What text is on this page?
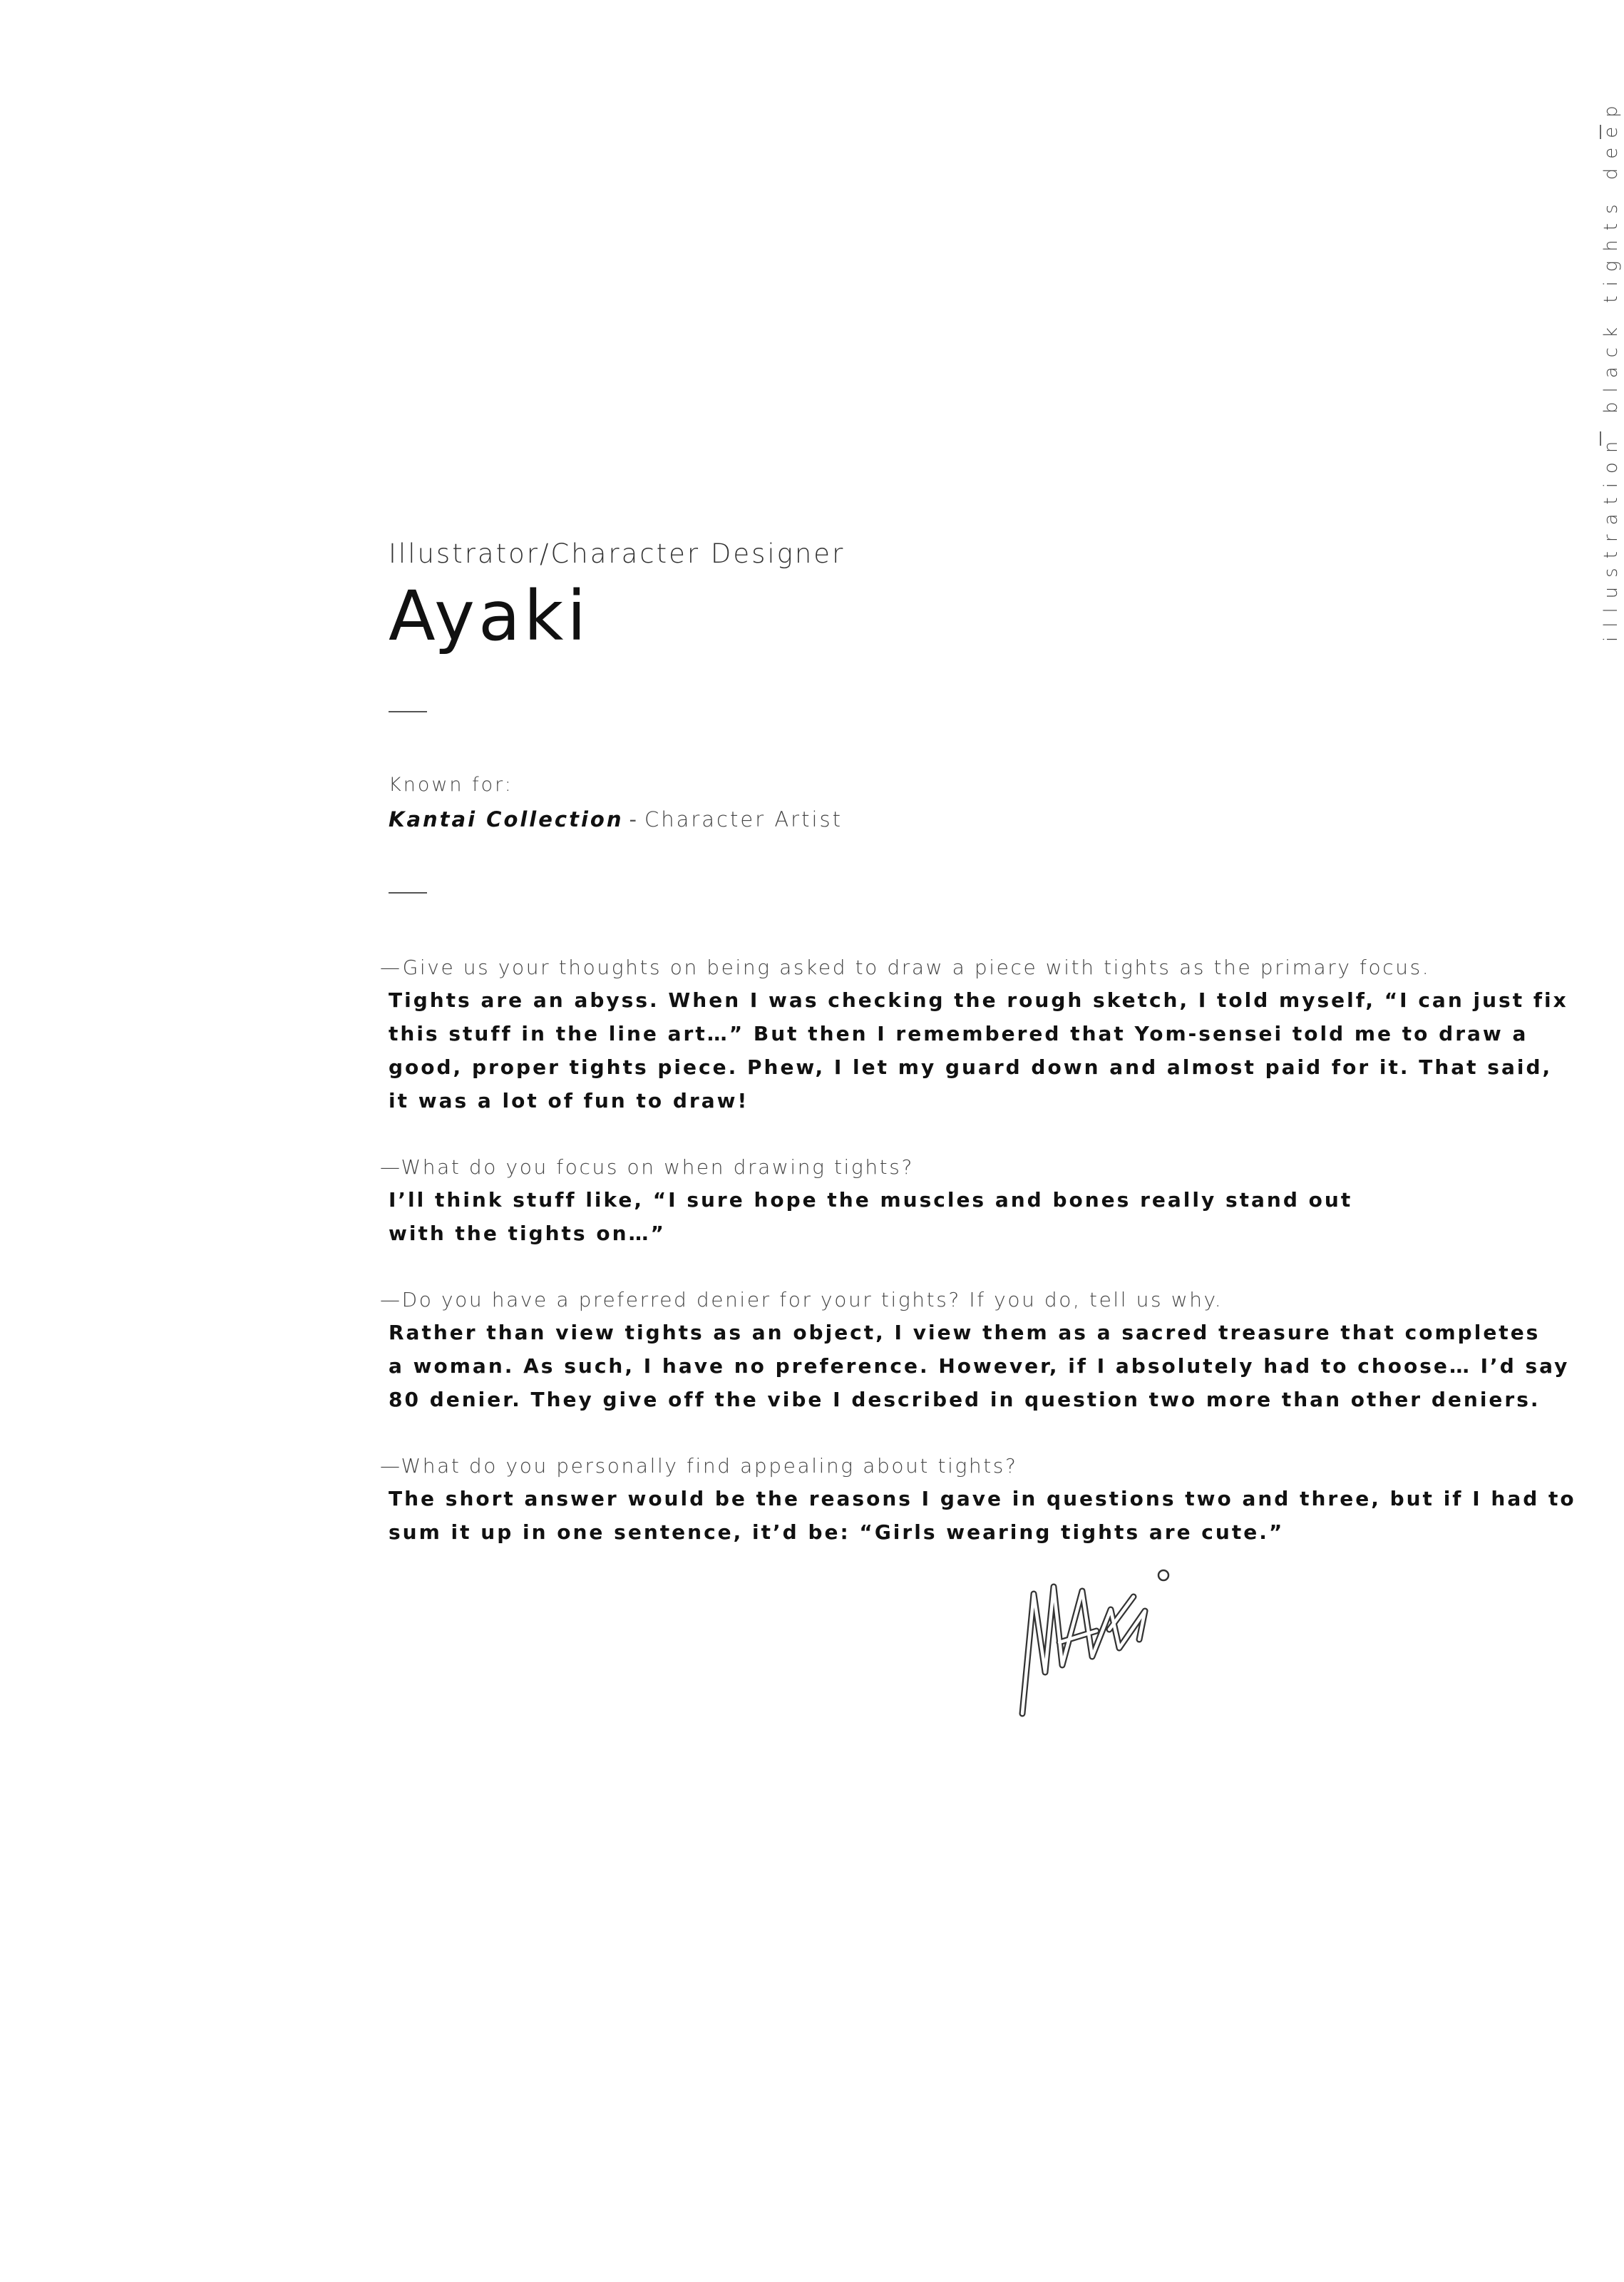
black tights deep
illustration

Illustrator/Character Designer

Ayaki
Known for:
Kantai Collection - Character Artist

—Give us your thoughts on being asked to draw a piece with tights as the primary focus.

Tights are an abyss. When I was checking the rough sketch, I told myself, “I can just fix

this stuff in the line art…” But then I remembered that Yom-sensei told me to draw a

good, proper tights piece. Phew, I let my guard down and almost paid for it. That said,

it was a lot of fun to draw!

—What do you focus on when drawing tights?

I’ll think stuff like, “I sure hope the muscles and bones really stand out

with the tights on…”

—Do you have a preferred denier for your tights? If you do, tell us why.

Rather than view tights as an object, I view them as a sacred treasure that completes

a woman. As such, I have no preference. However, if I absolutely had to choose… I’d say

80 denier. They give off the vibe I described in question two more than other deniers.

—What do you personally find appealing about tights?

The short answer would be the reasons I gave in questions two and three, but if I had to

sum it up in one sentence, it’d be: “Girls wearing tights are cute.”
